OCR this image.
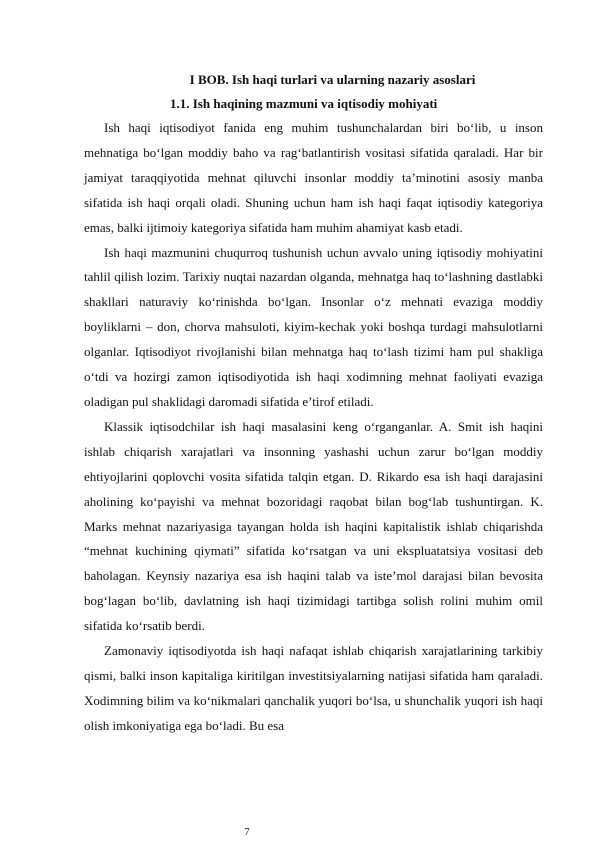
I BOB. Ish haqi turlari va ularning nazariy asoslari
1.1. Ish haqining mazmuni va iqtisodiy mohiyati

Ish haqi iqtisodiyot fanida eng muhim tushunchalardan biri bo‘lib, u inson mehnatiga bo‘lgan moddiy baho va rag‘batlantirish vositasi sifatida qaraladi. Har bir jamiyat taraqqiyotida mehnat qiluvchi insonlar moddiy ta’minotini asosiy manba sifatida ish haqi orqali oladi. Shuning uchun ham ish haqi faqat iqtisodiy kategoriya emas, balki ijtimoiy kategoriya sifatida ham muhim ahamiyat kasb etadi.

Ish haqi mazmunini chuqurroq tushunish uchun avvalo uning iqtisodiy mohiyatini tahlil qilish lozim. Tarixiy nuqtai nazardan olganda, mehnatga haq to‘lashning dastlabki shakllari naturaviy ko‘rinishda bo‘lgan. Insonlar o‘z mehnati evaziga moddiy boyliklarni – don, chorva mahsuloti, kiyim-kechak yoki boshqa turdagi mahsulotlarni olganlar. Iqtisodiyot rivojlanishi bilan mehnatga haq to‘lash tizimi ham pul shakliga o‘tdi va hozirgi zamon iqtisodiyotida ish haqi xodimning mehnat faoliyati evaziga oladigan pul shaklidagi daromadi sifatida e’tirof etiladi.

Klassik iqtisodchilar ish haqi masalasini keng o‘rganganlar. A. Smit ish haqini ishlab chiqarish xarajatlari va insonning yashashi uchun zarur bo‘lgan moddiy ehtiyojlarini qoplovchi vosita sifatida talqin etgan. D. Rikardo esa ish haqi darajasini aholining ko‘payishi va mehnat bozoridagi raqobat bilan bog‘lab tushuntirgan. K. Marks mehnat nazariyasiga tayangan holda ish haqini kapitalistik ishlab chiqarishda “mehnat kuchining qiymati” sifatida ko‘rsatgan va uni ekspluatatsiya vositasi deb baholagan. Keynsiy nazariya esa ish haqini talab va iste’mol darajasi bilan bevosita bog‘lagan bo‘lib, davlatning ish haqi tizimidagi tartibga solish rolini muhim omil sifatida ko‘rsatib berdi.

Zamonaviy iqtisodiyotda ish haqi nafaqat ishlab chiqarish xarajatlarining tarkibiy qismi, balki inson kapitaliga kiritilgan investitsiyalarning natijasi sifatida ham qaraladi. Xodimning bilim va ko‘nikmalari qanchalik yuqori bo‘lsa, u shunchalik yuqori ish haqi olish imkoniyatiga ega bo‘ladi. Bu esa

7
